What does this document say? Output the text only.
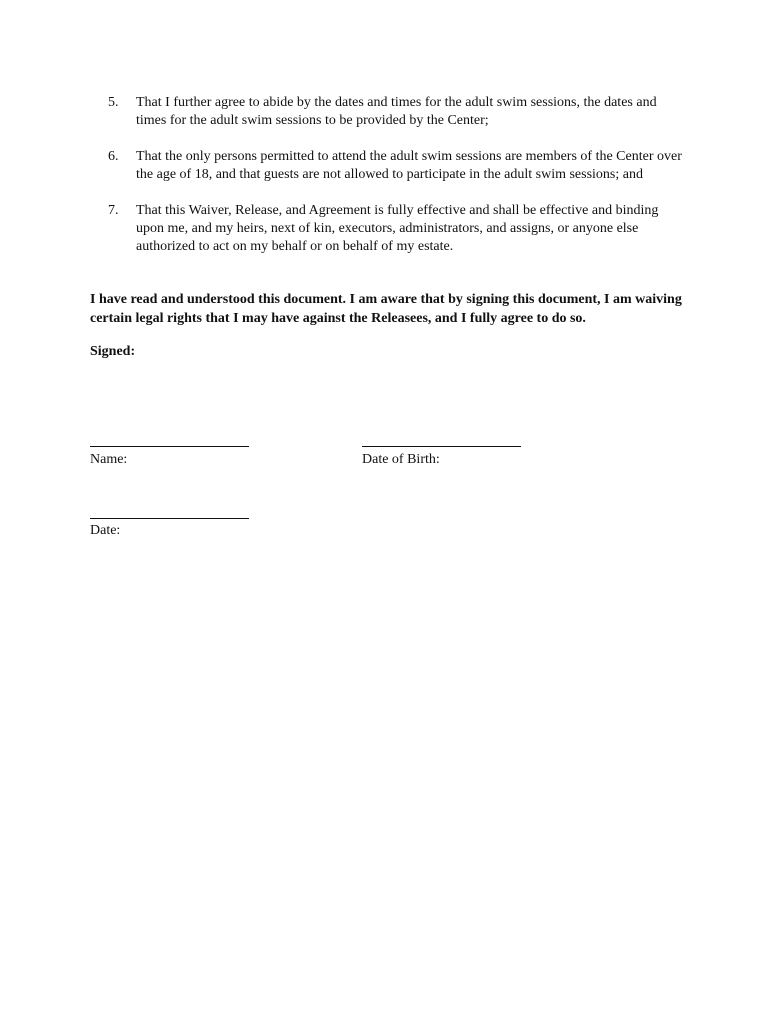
5. That I further agree to abide by the dates and times for the adult swim sessions, the dates and times for the adult swim sessions to be provided by the Center;
6. That the only persons permitted to attend the adult swim sessions are members of the Center over the age of 18, and that guests are not allowed to participate in the adult swim sessions; and
7. That this Waiver, Release, and Agreement is fully effective and shall be effective and binding upon me, and my heirs, next of kin, executors, administrators, and assigns, or anyone else authorized to act on my behalf or on behalf of my estate.

I have read and understood this document. I am aware that by signing this document, I am waiving certain legal rights that I may have against the Releasees, and I fully agree to do so.

Signed:

Name:	Date of Birth:
Date:
